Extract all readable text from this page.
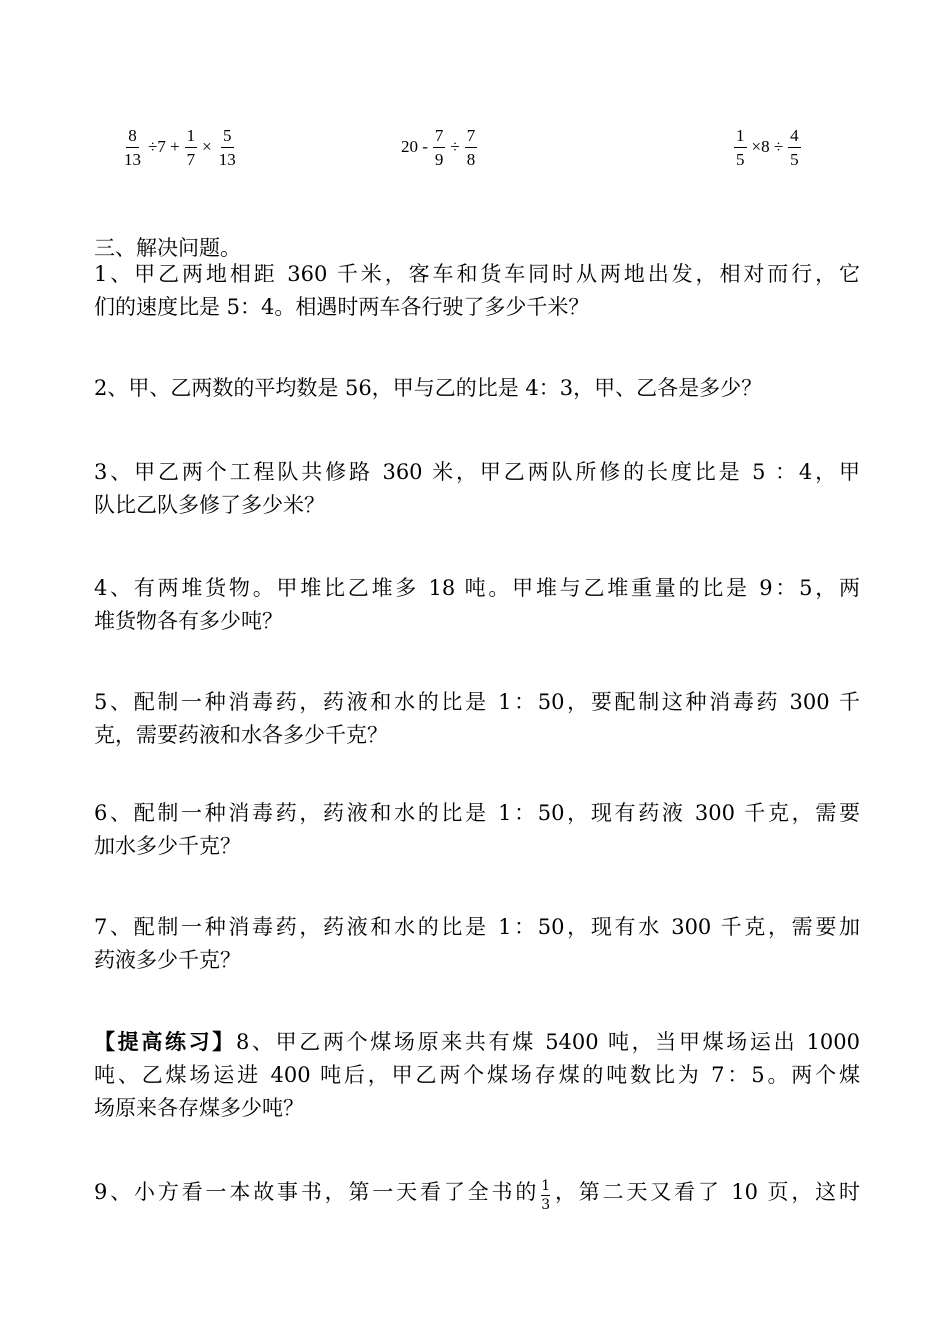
$\frac{8}{13} \div 7 + \frac{1}{7} \times \frac{5}{13}$	$20 - \frac{7}{9} \div \frac{7}{8}$	$\frac{1}{5} \times 8 \div \frac{4}{5}$
三、解决问题。
1、甲乙两地相距 360 千米，客车和货车同时从两地出发，相对而行，它
们的速度比是 5：4。相遇时两车各行驶了多少千米？
2、甲、乙两数的平均数是 56，甲与乙的比是 4：3，甲、乙各是多少？
3、甲乙两个工程队共修路 360 米，甲乙两队所修的长度比是 5 ：4，甲
队比乙队多修了多少米？
4、有两堆货物。甲堆比乙堆多 18 吨。甲堆与乙堆重量的比是 9：5，两
堆货物各有多少吨？
5、配制一种消毒药，药液和水的比是 1：50，要配制这种消毒药 300 千
克，需要药液和水各多少千克？
6、配制一种消毒药，药液和水的比是 1：50，现有药液 300 千克，需要
加水多少千克？
7、配制一种消毒药，药液和水的比是 1：50，现有水 300 千克，需要加
药液多少千克？
【提高练习】8、甲乙两个煤场原来共有煤 5400 吨，当甲煤场运出 1000
吨、乙煤场运进 400 吨后，甲乙两个煤场存煤的吨数比为 7：5。两个煤
场原来各存煤多少吨？
9、小方看一本故事书，第一天看了全书的 $\frac{1}{3}$ ，第二天又看了 10 页，这时
